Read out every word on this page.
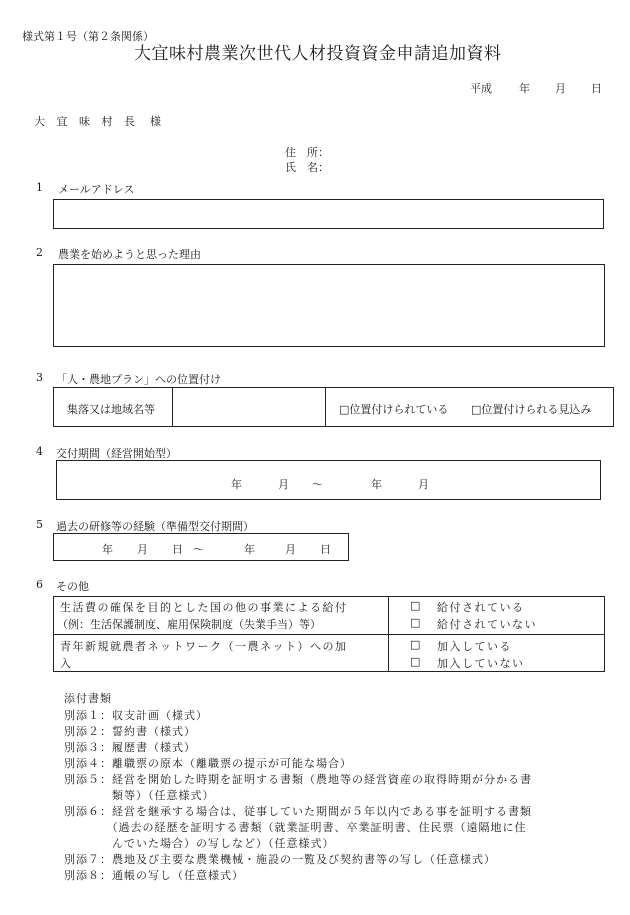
様式第１号（第２条関係）
大宜味村農業次世代人材投資資金申請追加資料
平成 年 月 日
大 宜 味 村 長 様
住　所：
氏　名：
1 メールアドレス
2 農業を始めようと思った理由
3 「人・農地プラン」への位置付け
集落又は地域名等	□位置付けられている □位置付けられる見込み
4 交付期間（経営開始型）
年	月 〜	年	月
5 過去の研修等の経験（準備型交付期間）
年 月 日 〜	年	月 日
6 その他
生活費の確保を目的とした国の他の事業による給付
（例：生活保護制度、雇用保険制度（失業手当）等）
□ 給付されている
□ 給付されていない
青年新規就農者ネットワーク（一農ネット）への加
入
□ 加入している
□ 加入していない
添付書類
別添１：収支計画（様式）
別添２：誓約書（様式）
別添３：履歴書（様式）
別添４：離職票の原本（離職票の提示が可能な場合）
別添５：経営を開始した時期を証明する書類（農地等の経営資産の取得時期が分かる書
　　　　類等）（任意様式）
別添６：経営を継承する場合は、従事していた期間が５年以内である事を証明する書類
　　　　（過去の経歴を証明する書類（就業証明書、卒業証明書、住民票（遠隔地に住
　　　　んでいた場合）の写しなど）（任意様式）
別添７：農地及び主要な農業機械・施設の一覧及び契約書等の写し（任意様式）
別添８：通帳の写し（任意様式）
